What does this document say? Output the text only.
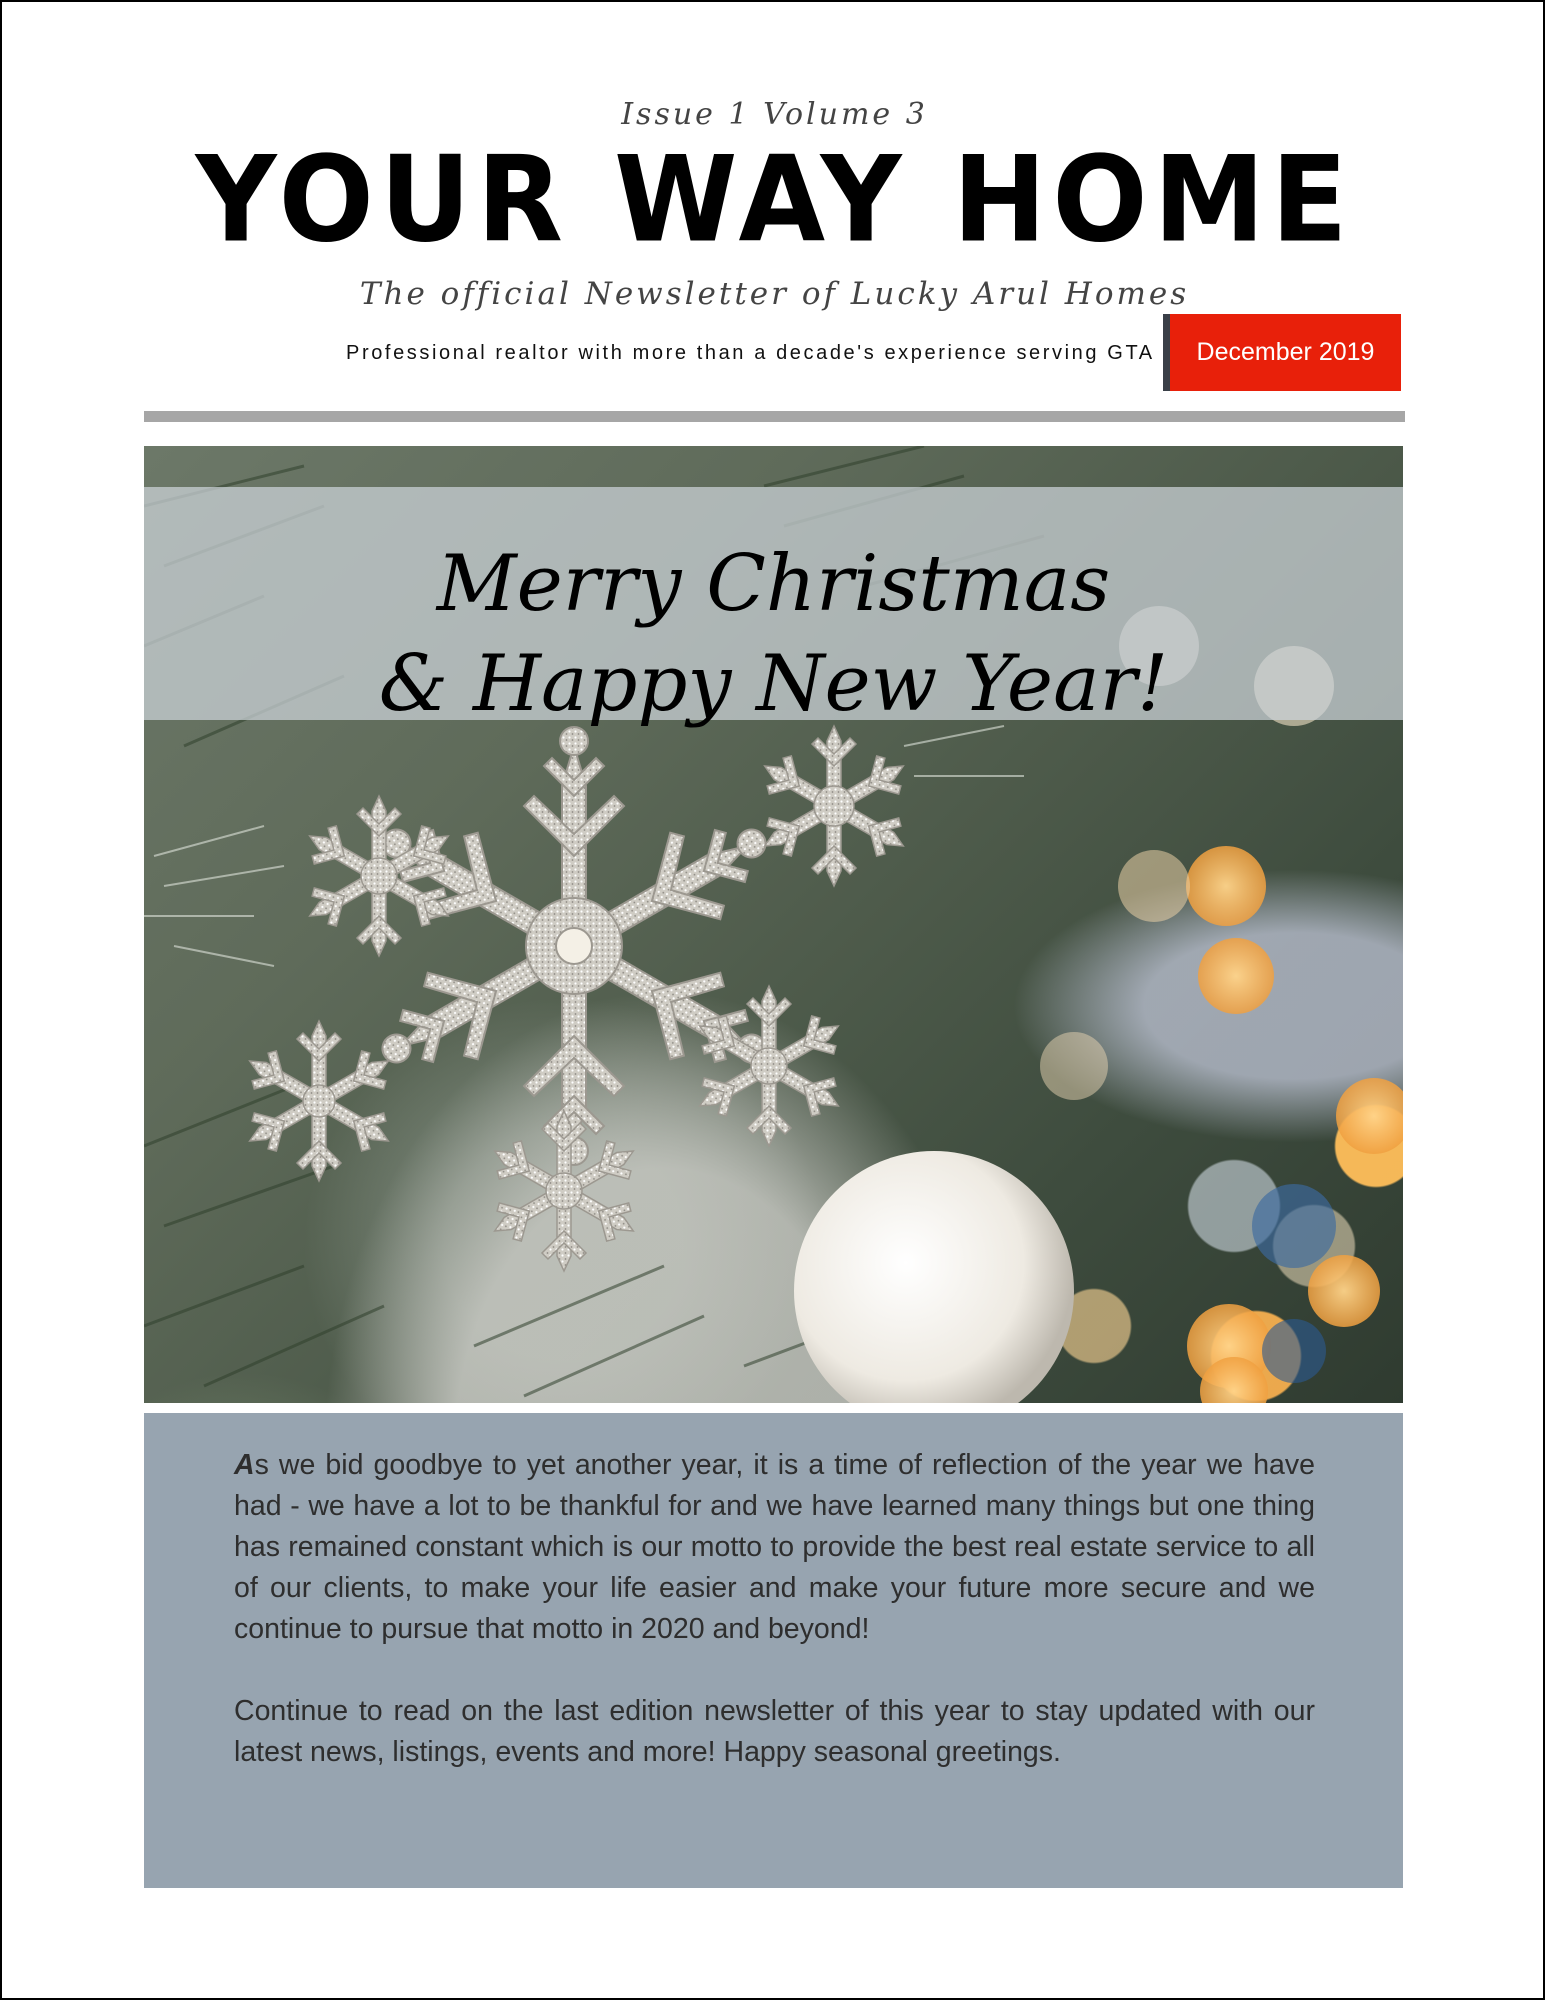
Issue 1 Volume 3
YOUR WAY HOME
The official Newsletter of Lucky Arul Homes
Professional realtor with more than a decade's experience serving GTA December 2019
Merry Christmas
& Happy New Year!

As we bid goodbye to yet another year, it is a time of reflection of the year we have had - we have a lot to be thankful for and we have learned many things but one thing has remained constant which is our motto to provide the best real estate service to all of our clients, to make your life easier and make your future more secure and we continue to pursue that motto in 2020 and beyond!

Continue to read on the last edition newsletter of this year to stay updated with our latest news, listings, events and more! Happy seasonal greetings.
